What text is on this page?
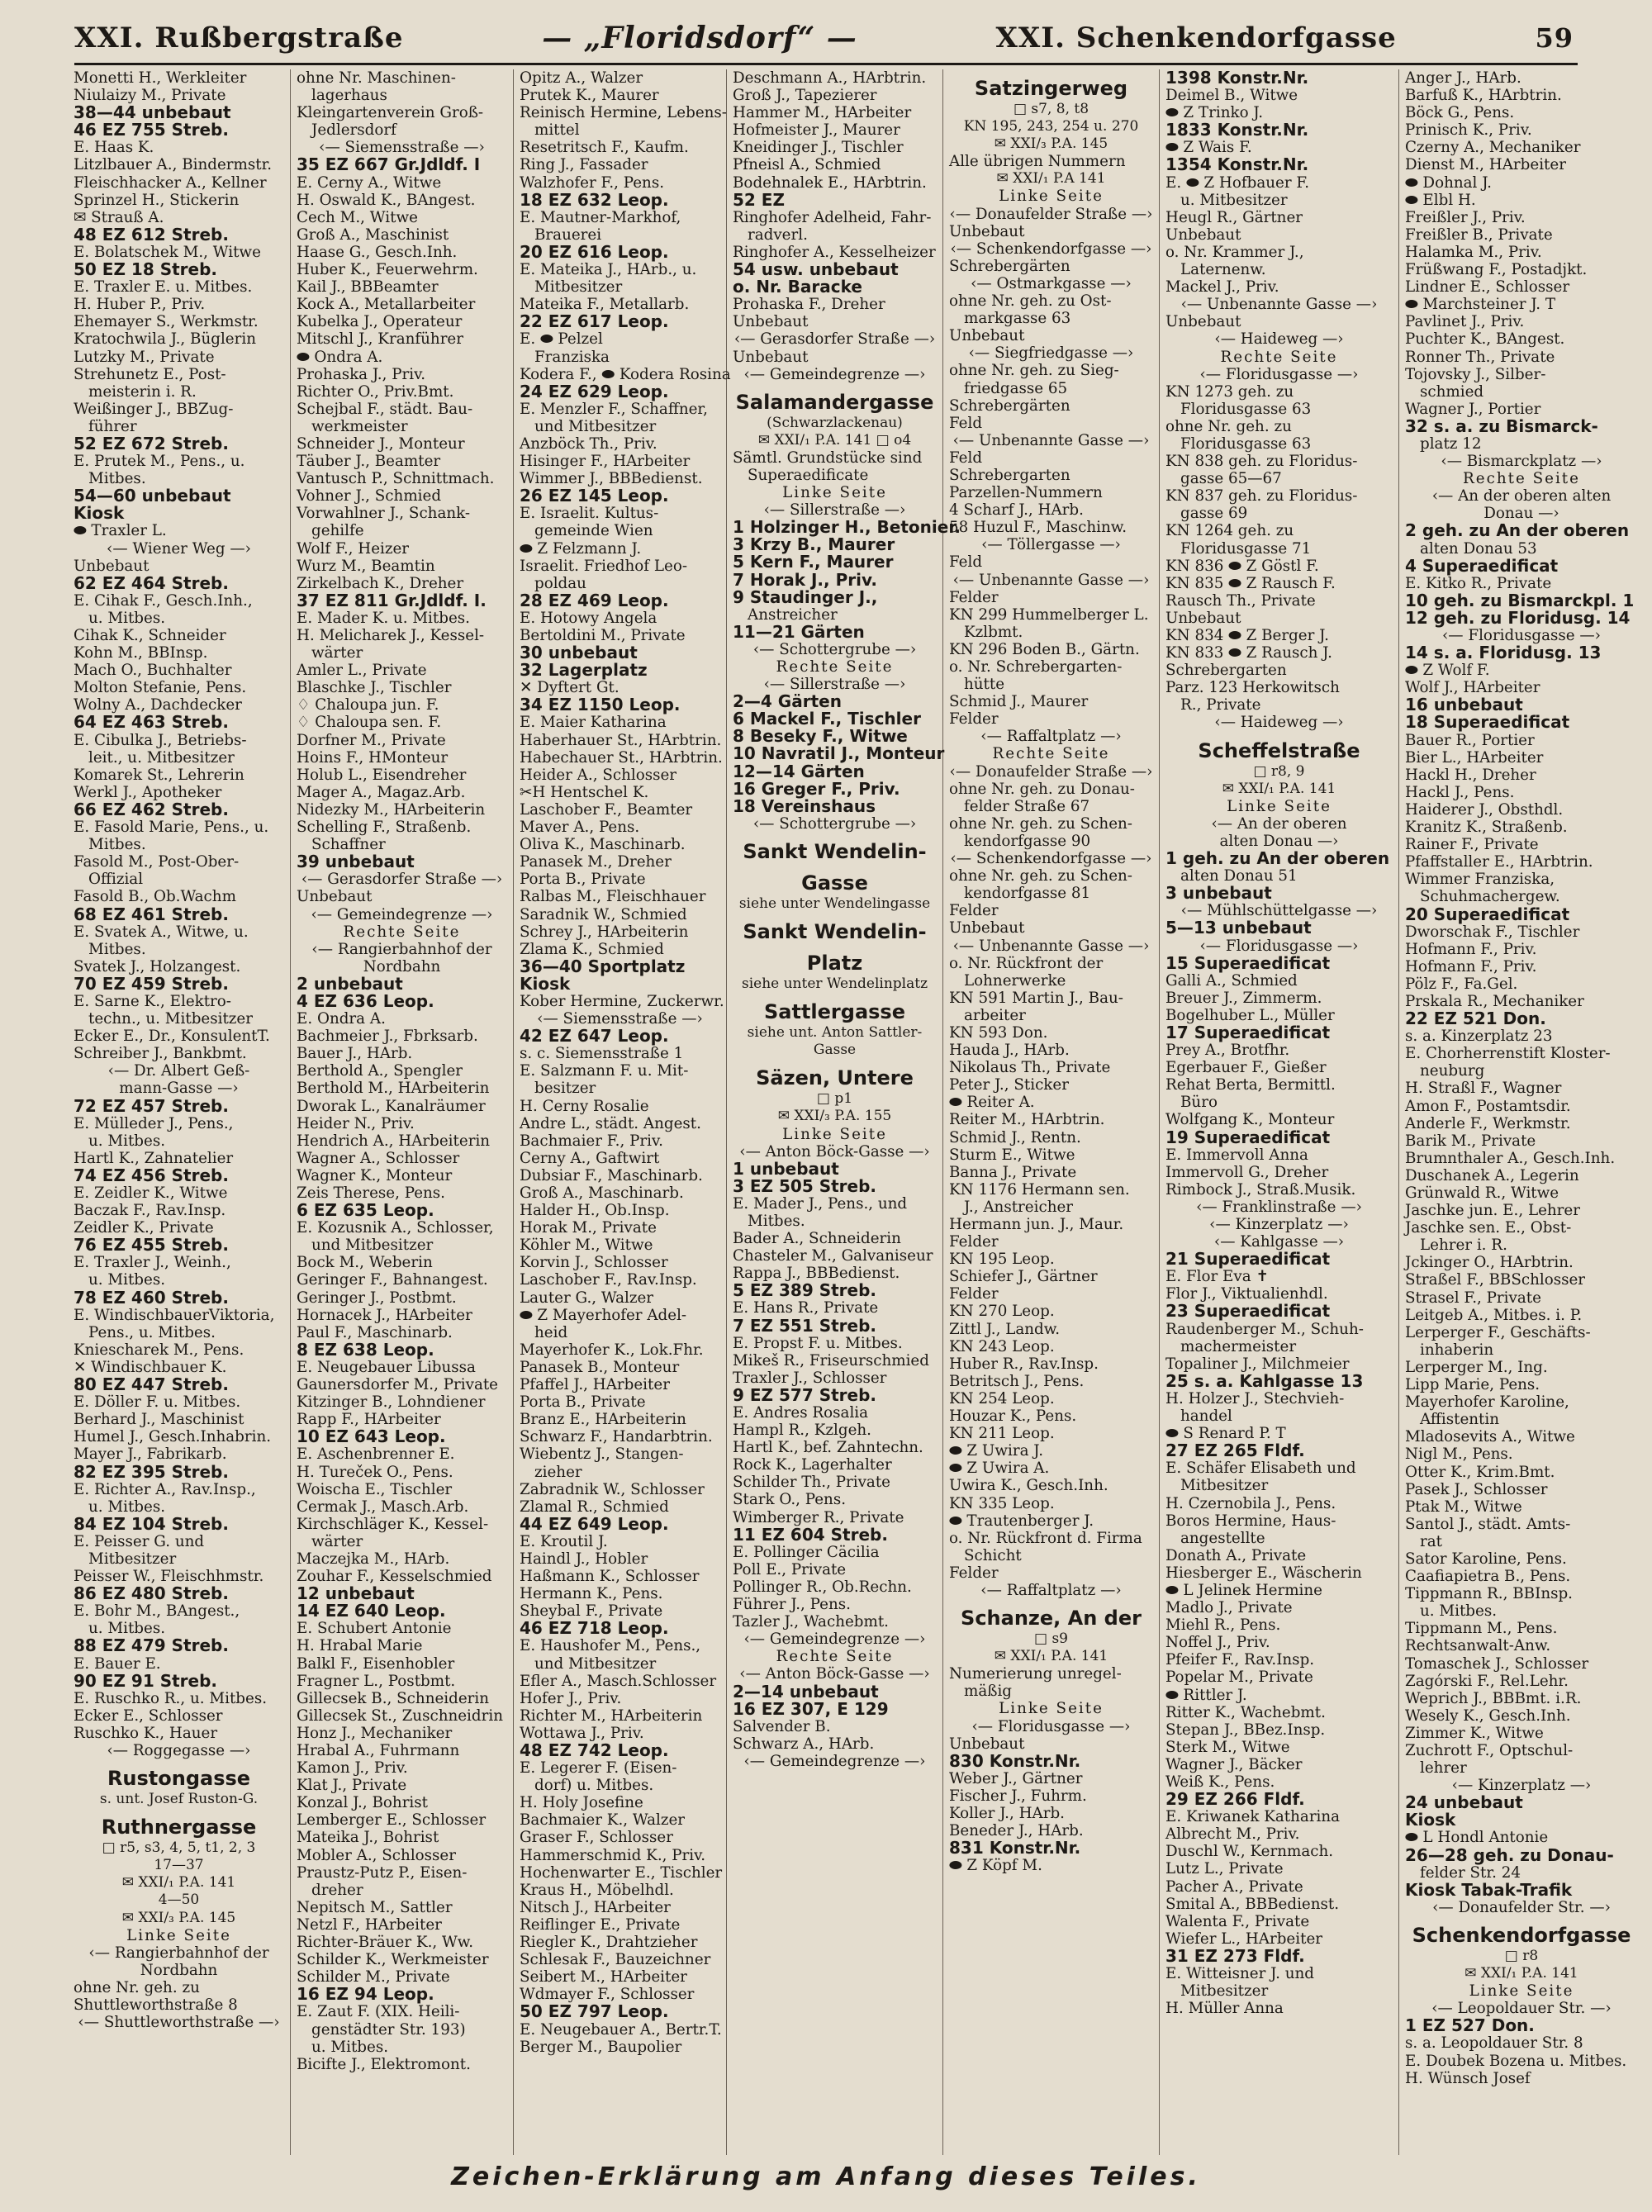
XXI. Rußbergstraße	— „Floridsdorf“ —	XXI. Schenkendorfgasse	59
Monetti H., Werkleiter
Niulaizy M., Private
38—44 unbebaut
46 EZ 755 Streb.
E. Haas K.
Litzlbauer A., Bindermstr.
Fleischhacker A., Kellner
Sprinzel H., Stickerin
✉ Strauß A.
48 EZ 612 Streb.
E. Bolatschek M., Witwe
50 EZ 18 Streb.
E. Traxler E. u. Mitbes.
H. Huber P., Priv.
Ehemayer S., Werkmstr.
Kratochwila J., Büglerin
Lutzky M., Private
Strehunetz E., Post-
meisterin i. R.
Weißinger J., BBZug-
führer
52 EZ 672 Streb.
E. Prutek M., Pens., u.
Mitbes.
54—60 unbebaut
Kiosk
⬬ Traxler L.
‹— Wiener Weg —›
Unbebaut
62 EZ 464 Streb.
E. Cihak F., Gesch.Inh.,
u. Mitbes.
Cihak K., Schneider
Kohn M., BBInsp.
Mach O., Buchhalter
Molton Stefanie, Pens.
Wolny A., Dachdecker
64 EZ 463 Streb.
E. Cibulka J., Betriebs-
leit., u. Mitbesitzer
Komarek St., Lehrerin
Werkl J., Apotheker
66 EZ 462 Streb.
E. Fasold Marie, Pens., u.
Mitbes.
Fasold M., Post-Ober-
Offizial
Fasold B., Ob.Wachm
68 EZ 461 Streb.
E. Svatek A., Witwe, u.
Mitbes.
Svatek J., Holzangest.
70 EZ 459 Streb.
E. Sarne K., Elektro-
techn., u. Mitbesitzer
Ecker E., Dr., KonsulentT.
Schreiber J., Bankbmt.
‹— Dr. Albert Geß-
mann-Gasse —›
72 EZ 457 Streb.
E. Mülleder J., Pens.,
u. Mitbes.
Hartl K., Zahnatelier
74 EZ 456 Streb.
E. Zeidler K., Witwe
Baczak F., Rav.Insp.
Zeidler K., Private
76 EZ 455 Streb.
E. Traxler J., Weinh.,
u. Mitbes.
78 EZ 460 Streb.
E. WindischbauerViktoria,
Pens., u. Mitbes.
Kniescharek M., Pens.
✕ Windischbauer K.
80 EZ 447 Streb.
E. Döller F. u. Mitbes.
Berhard J., Maschinist
Humel J., Gesch.Inhabrin.
Mayer J., Fabrikarb.
82 EZ 395 Streb.
E. Richter A., Rav.Insp.,
u. Mitbes.
84 EZ 104 Streb.
E. Peisser G. und
Mitbesitzer
Peisser W., Fleischhmstr.
86 EZ 480 Streb.
E. Bohr M., BAngest.,
u. Mitbes.
88 EZ 479 Streb.
E. Bauer E.
90 EZ 91 Streb.
E. Ruschko R., u. Mitbes.
Ecker E., Schlosser
Ruschko K., Hauer
‹— Roggegasse —›
Rustongasse
s. unt. Josef Ruston-G.
Ruthnergasse
□ r5, s3, 4, 5, t1, 2, 3
17—37
✉ XXI/₁ P.A. 141
4—50
✉ XXI/₃ P.A. 145
Linke Seite
‹— Rangierbahnhof der
Nordbahn
ohne Nr. geh. zu
Shuttleworthstraße 8
‹— Shuttleworthstraße —›
ohne Nr. Maschinen-
lagerhaus
Kleingartenverein Groß-
Jedlersdorf
‹— Siemensstraße —›
35 EZ 667 Gr.Jdldf. I
E. Cerny A., Witwe
H. Oswald K., BAngest.
Cech M., Witwe
Groß A., Maschinist
Haase G., Gesch.Inh.
Huber K., Feuerwehrm.
Kail J., BBBeamter
Kock A., Metallarbeiter
Kubelka J., Operateur
Mitschl J., Kranführer
⬬ Ondra A.
Prohaska J., Priv.
Richter O., Priv.Bmt.
Schejbal F., städt. Bau-
werkmeister
Schneider J., Monteur
Täuber J., Beamter
Vantusch P., Schnittmach.
Vohner J., Schmied
Vorwahlner J., Schank-
gehilfe
Wolf F., Heizer
Wurz M., Beamtin
Zirkelbach K., Dreher
37 EZ 811 Gr.Jdldf. I.
E. Mader K. u. Mitbes.
H. Melicharek J., Kessel-
wärter
Amler L., Private
Blaschke J., Tischler
♢ Chaloupa jun. F.
♢ Chaloupa sen. F.
Dorfner M., Private
Hoins F., HMonteur
Holub L., Eisendreher
Mager A., Magaz.Arb.
Nidezky M., HArbeiterin
Schelling F., Straßenb.
Schaffner
39 unbebaut
‹— Gerasdorfer Straße —›
Unbebaut
‹— Gemeindegrenze —›
Rechte Seite
‹— Rangierbahnhof der
Nordbahn
2 unbebaut
4 EZ 636 Leop.
E. Ondra A.
Bachmeier J., Fbrksarb.
Bauer J., HArb.
Berthold A., Spengler
Berthold M., HArbeiterin
Dworak L., Kanalräumer
Heider N., Priv.
Hendrich A., HArbeiterin
Wagner A., Schlosser
Wagner K., Monteur
Zeis Therese, Pens.
6 EZ 635 Leop.
E. Kozusnik A., Schlosser,
und Mitbesitzer
Bock M., Weberin
Geringer F., Bahnangest.
Geringer J., Postbmt.
Hornacek J., HArbeiter
Paul F., Maschinarb.
8 EZ 638 Leop.
E. Neugebauer Libussa
Gaunersdorfer M., Private
Kitzinger B., Lohndiener
Rapp F., HArbeiter
10 EZ 643 Leop.
E. Aschenbrenner E.
H. Tureček O., Pens.
Woischa E., Tischler
Cermak J., Masch.Arb.
Kirchschläger K., Kessel-
wärter
Maczejka M., HArb.
Zouhar F., Kesselschmied
12 unbebaut
14 EZ 640 Leop.
E. Schubert Antonie
H. Hrabal Marie
Balkl F., Eisenhobler
Fragner L., Postbmt.
Gillecsek B., Schneiderin
Gillecsek St., Zuschneidrin
Honz J., Mechaniker
Hrabal A., Fuhrmann
Kamon J., Priv.
Klat J., Private
Konzal J., Bohrist
Lemberger E., Schlosser
Mateika J., Bohrist
Mobler A., Schlosser
Praustz-Putz P., Eisen-
dreher
Nepitsch M., Sattler
Netzl F., HArbeiter
Richter-Bräuer K., Ww.
Schilder K., Werkmeister
Schilder M., Private
16 EZ 94 Leop.
E. Zaut F. (XIX. Heili-
genstädter Str. 193)
u. Mitbes.
Bicifte J., Elektromont.
Opitz A., Walzer
Prutek K., Maurer
Reinisch Hermine, Lebens-
mittel
Resetritsch F., Kaufm.
Ring J., Fassader
Walzhofer F., Pens.
18 EZ 632 Leop.
E. Mautner-Markhof,
Brauerei
20 EZ 616 Leop.
E. Mateika J., HArb., u.
Mitbesitzer
Mateika F., Metallarb.
22 EZ 617 Leop.
E. ⬬ Pelzel
Franziska
Kodera F., ⬬ Kodera Rosina
24 EZ 629 Leop.
E. Menzler F., Schaffner,
und Mitbesitzer
Anzböck Th., Priv.
Hisinger F., HArbeiter
Wimmer J., BBBedienst.
26 EZ 145 Leop.
E. Israelit. Kultus-
gemeinde Wien
⬬ Z Felzmann J.
Israelit. Friedhof Leo-
poldau
28 EZ 469 Leop.
E. Hotowy Angela
Bertoldini M., Private
30 unbebaut
32 Lagerplatz
✕ Dyftert Gt.
34 EZ 1150 Leop.
E. Maier Katharina
Haberhauer St., HArbtrin.
Habechauer St., HArbtrin.
Heider A., Schlosser
✂H Hentschel K.
Laschober F., Beamter
Maver A., Pens.
Oliva K., Maschinarb.
Panasek M., Dreher
Porta B., Private
Ralbas M., Fleischhauer
Saradnik W., Schmied
Schrey J., HArbeiterin
Zlama K., Schmied
36—40 Sportplatz
Kiosk
Kober Hermine, Zuckerwr.
‹— Siemensstraße —›
42 EZ 647 Leop.
s. c. Siemensstraße 1
E. Salzmann F. u. Mit-
besitzer
H. Cerny Rosalie
Andre L., städt. Angest.
Bachmaier F., Priv.
Cerny A., Gaftwirt
Dubsiar F., Maschinarb.
Groß A., Maschinarb.
Halder H., Ob.Insp.
Horak M., Private
Köhler M., Witwe
Korvin J., Schlosser
Laschober F., Rav.Insp.
Lauter G., Walzer
⬬ Z Mayerhofer Adel-
heid
Mayerhofer K., Lok.Fhr.
Panasek B., Monteur
Pfaffel J., HArbeiter
Porta B., Private
Branz E., HArbeiterin
Schwarz F., Handarbtrin.
Wiebentz J., Stangen-
zieher
Zabradnik W., Schlosser
Zlamal R., Schmied
44 EZ 649 Leop.
E. Kroutil J.
Haindl J., Hobler
Haßmann K., Schlosser
Hermann K., Pens.
Sheybal F., Private
46 EZ 718 Leop.
E. Haushofer M., Pens.,
und Mitbesitzer
Efler A., Masch.Schlosser
Hofer J., Priv.
Richter M., HArbeiterin
Wottawa J., Priv.
48 EZ 742 Leop.
E. Legerer F. (Eisen-
dorf) u. Mitbes.
H. Holy Josefine
Bachmaier K., Walzer
Graser F., Schlosser
Hammerschmid K., Priv.
Hochenwarter E., Tischler
Kraus H., Möbelhdl.
Nitsch J., HArbeiter
Reiflinger E., Private
Riegler K., Drahtzieher
Schlesak F., Bauzeichner
Seibert M., HArbeiter
Wdmayer F., Schlosser
50 EZ 797 Leop.
E. Neugebauer A., Bertr.T.
Berger M., Baupolier
Deschmann A., HArbtrin.
Groß J., Tapezierer
Hammer M., HArbeiter
Hofmeister J., Maurer
Kneidinger J., Tischler
Pfneisl A., Schmied
Bodehnalek E., HArbtrin.
52 EZ
Ringhofer Adelheid, Fahr-
radverl.
Ringhofer A., Kesselheizer
54 usw. unbebaut
o. Nr. Baracke
Prohaska F., Dreher
Unbebaut
‹— Gerasdorfer Straße —›
Unbebaut
‹— Gemeindegrenze —›
Salamandergasse
(Schwarzlackenau)
✉ XXI/₁ P.A. 141 □ o4
Sämtl. Grundstücke sind
Superaedificate
Linke Seite
‹— Sillerstraße —›
1 Holzinger H., Betonier.
3 Krzy B., Maurer
5 Kern F., Maurer
7 Horak J., Priv.
9 Staudinger J.,
Anstreicher
11—21 Gärten
‹— Schottergrube —›
Rechte Seite
‹— Sillerstraße —›
2—4 Gärten
6 Mackel F., Tischler
8 Beseky F., Witwe
10 Navratil J., Monteur
12—14 Gärten
16 Greger F., Priv.
18 Vereinshaus
‹— Schottergrube —›
Sankt Wendelin-
Gasse
siehe unter Wendelingasse
Sankt Wendelin-
Platz
siehe unter Wendelinplatz
Sattlergasse
siehe unt. Anton Sattler-
Gasse
Säzen, Untere
□ p1
✉ XXI/₃ P.A. 155
Linke Seite
‹— Anton Böck-Gasse —›
1 unbebaut
3 EZ 505 Streb.
E. Mader J., Pens., und
Mitbes.
Bader A., Schneiderin
Chasteler M., Galvaniseur
Rappa J., BBBedienst.
5 EZ 389 Streb.
E. Hans R., Private
7 EZ 551 Streb.
E. Propst F. u. Mitbes.
Mikeš R., Friseurschmied
Traxler J., Schlosser
9 EZ 577 Streb.
E. Andres Rosalia
Hampl R., Kzlgeh.
Hartl K., bef. Zahntechn.
Rock K., Lagerhalter
Schilder Th., Private
Stark O., Pens.
Wimberger R., Private
11 EZ 604 Streb.
E. Pollinger Cäcilia
Poll E., Private
Pollinger R., Ob.Rechn.
Führer J., Pens.
Tazler J., Wachebmt.
‹— Gemeindegrenze —›
Rechte Seite
‹— Anton Böck-Gasse —›
2—14 unbebaut
16 EZ 307, E 129
Salvender B.
Schwarz A., HArb.
‹— Gemeindegrenze —›
Satzingerweg
□ s7, 8, t8
KN 195, 243, 254 u. 270
✉ XXI/₃ P.A. 145
Alle übrigen Nummern
✉ XXI/₁ P.A 141
Linke Seite
‹— Donaufelder Straße —›
Unbebaut
‹— Schenkendorfgasse —›
Schrebergärten
‹— Ostmarkgasse —›
ohne Nr. geh. zu Ost-
markgasse 63
Unbebaut
‹— Siegfriedgasse —›
ohne Nr. geh. zu Sieg-
friedgasse 65
Schrebergärten
Feld
‹— Unbenannte Gasse —›
Feld
Schrebergarten
Parzellen-Nummern
4 Scharf J., HArb.
58 Huzul F., Maschinw.
‹— Töllergasse —›
Feld
‹— Unbenannte Gasse —›
Felder
KN 299 Hummelberger L.
Kzlbmt.
KN 296 Boden B., Gärtn.
o. Nr. Schrebergarten-
hütte
Schmid J., Maurer
Felder
‹— Raffaltplatz —›
Rechte Seite
‹— Donaufelder Straße —›
ohne Nr. geh. zu Donau-
felder Straße 67
ohne Nr. geh. zu Schen-
kendorfgasse 90
‹— Schenkendorfgasse —›
ohne Nr. geh. zu Schen-
kendorfgasse 81
Felder
Unbebaut
‹— Unbenannte Gasse —›
o. Nr. Rückfront der
Lohnerwerke
KN 591 Martin J., Bau-
arbeiter
KN 593 Don.
Hauda J., HArb.
Nikolaus Th., Private
Peter J., Sticker
⬬ Reiter A.
Reiter M., HArbtrin.
Schmid J., Rentn.
Sturm E., Witwe
Banna J., Private
KN 1176 Hermann sen.
J., Anstreicher
Hermann jun. J., Maur.
Felder
KN 195 Leop.
Schiefer J., Gärtner
Felder
KN 270 Leop.
Zittl J., Landw.
KN 243 Leop.
Huber R., Rav.Insp.
Betritsch J., Pens.
KN 254 Leop.
Houzar K., Pens.
KN 211 Leop.
⬬ Z Uwira J.
⬬ Z Uwira A.
Uwira K., Gesch.Inh.
KN 335 Leop.
⬬ Trautenberger J.
o. Nr. Rückfront d. Firma
Schicht
Felder
‹— Raffaltplatz —›
Schanze, An der
□ s9
✉ XXI/₁ P.A. 141
Numerierung unregel-
mäßig
Linke Seite
‹— Floridusgasse —›
Unbebaut
830 Konstr.Nr.
Weber J., Gärtner
Fischer J., Fuhrm.
Koller J., HArb.
Beneder J., HArb.
831 Konstr.Nr.
⬬ Z Köpf M.
1398 Konstr.Nr.
Deimel B., Witwe
⬬ Z Trinko J.
1833 Konstr.Nr.
⬬ Z Wais F.
1354 Konstr.Nr.
E. ⬬ Z Hofbauer F.
u. Mitbesitzer
Heugl R., Gärtner
Unbebaut
o. Nr. Krammer J.,
Laternenw.
Mackel J., Priv.
‹— Unbenannte Gasse —›
Unbebaut
‹— Haideweg —›
Rechte Seite
‹— Floridusgasse —›
KN 1273 geh. zu
Floridusgasse 63
ohne Nr. geh. zu
Floridusgasse 63
KN 838 geh. zu Floridus-
gasse 65—67
KN 837 geh. zu Floridus-
gasse 69
KN 1264 geh. zu
Floridusgasse 71
KN 836 ⬬ Z Göstl F.
KN 835 ⬬ Z Rausch F.
Rausch Th., Private
Unbebaut
KN 834 ⬬ Z Berger J.
KN 833 ⬬ Z Rausch J.
Schrebergarten
Parz. 123 Herkowitsch
R., Private
‹— Haideweg —›
Scheffelstraße
□ r8, 9
✉ XXI/₁ P.A. 141
Linke Seite
‹— An der oberen
alten Donau —›
1 geh. zu An der oberen
alten Donau 51
3 unbebaut
‹— Mühlschüttelgasse —›
5—13 unbebaut
‹— Floridusgasse —›
15 Superaedificat
Galli A., Schmied
Breuer J., Zimmerm.
Bogelhuber L., Müller
17 Superaedificat
Prey A., Brotfhr.
Egerbauer F., Gießer
Rehat Berta, Bermittl.
Büro
Wolfgang K., Monteur
19 Superaedificat
E. Immervoll Anna
Immervoll G., Dreher
Rimbock J., Straß.Musik.
‹— Franklinstraße —›
‹— Kinzerplatz —›
‹— Kahlgasse —›
21 Superaedificat
E. Flor Eva ✝
Flor J., Viktualienhdl.
23 Superaedificat
Raudenberger M., Schuh-
machermeister
Topaliner J., Milchmeier
25 s. a. Kahlgasse 13
H. Holzer J., Stechvieh-
handel
⬬ S Renard P. T
27 EZ 265 Fldf.
E. Schäfer Elisabeth und
Mitbesitzer
H. Czernobila J., Pens.
Boros Hermine, Haus-
angestellte
Donath A., Private
Hiesberger E., Wäscherin
⬬ L Jelinek Hermine
Madlo J., Private
Miehl R., Pens.
Noffel J., Priv.
Pfeifer F., Rav.Insp.
Popelar M., Private
⬬ Rittler J.
Ritter K., Wachebmt.
Stepan J., BBez.Insp.
Sterk M., Witwe
Wagner J., Bäcker
Weiß K., Pens.
29 EZ 266 Fldf.
E. Kriwanek Katharina
Albrecht M., Priv.
Duschl W., Kernmach.
Lutz L., Private
Pacher A., Private
Smital A., BBBedienst.
Walenta F., Private
Wiefer L., HArbeiter
31 EZ 273 Fldf.
E. Witteisner J. und
Mitbesitzer
H. Müller Anna
Anger J., HArb.
Barfuß K., HArbtrin.
Böck G., Pens.
Prinisch K., Priv.
Czerny A., Mechaniker
Dienst M., HArbeiter
⬬ Dohnal J.
⬬ Elbl H.
Freißler J., Priv.
Freißler B., Private
Halamka M., Priv.
Früßwang F., Postadjkt.
Lindner E., Schlosser
⬬ Marchsteiner J. T
Pavlinet J., Priv.
Puchter K., BAngest.
Ronner Th., Private
Tojovsky J., Silber-
schmied
Wagner J., Portier
32 s. a. zu Bismarck-
platz 12
‹— Bismarckplatz —›
Rechte Seite
‹— An der oberen alten
Donau —›
2 geh. zu An der oberen
alten Donau 53
4 Superaedificat
E. Kitko R., Private
10 geh. zu Bismarckpl. 1
12 geh. zu Floridusg. 14
‹— Floridusgasse —›
14 s. a. Floridusg. 13
⬬ Z Wolf F.
Wolf J., HArbeiter
16 unbebaut
18 Superaedificat
Bauer R., Portier
Bier L., HArbeiter
Hackl H., Dreher
Hackl J., Pens.
Haiderer J., Obsthdl.
Kranitz K., Straßenb.
Rainer F., Private
Pfaffstaller E., HArbtrin.
Wimmer Franziska,
Schuhmachergew.
20 Superaedificat
Dworschak F., Tischler
Hofmann F., Priv.
Hofmann F., Priv.
Pölz F., Fa.Gel.
Prskala R., Mechaniker
22 EZ 521 Don.
s. a. Kinzerplatz 23
E. Chorherrenstift Kloster-
neuburg
H. Straßl F., Wagner
Amon F., Postamtsdir.
Anderle F., Werkmstr.
Barik M., Private
Brumnthaler A., Gesch.Inh.
Duschanek A., Legerin
Grünwald R., Witwe
Jaschke jun. E., Lehrer
Jaschke sen. E., Obst-
Lehrer i. R.
Jckinger O., HArbtrin.
Straßel F., BBSchlosser
Strasel F., Private
Leitgeb A., Mitbes. i. P.
Lerperger F., Geschäfts-
inhaberin
Lerperger M., Ing.
Lipp Marie, Pens.
Mayerhofer Karoline,
Affistentin
Mladosevits A., Witwe
Nigl M., Pens.
Otter K., Krim.Bmt.
Pasek J., Schlosser
Ptak M., Witwe
Santol J., städt. Amts-
rat
Sator Karoline, Pens.
Caafiapietra B., Pens.
Tippmann R., BBInsp.
u. Mitbes.
Tippmann M., Pens.
Rechtsanwalt-Anw.
Tomaschek J., Schlosser
Zagórski F., Rel.Lehr.
Weprich J., BBBmt. i.R.
Wesely K., Gesch.Inh.
Zimmer K., Witwe
Zuchrott F., Optschul-
lehrer
‹— Kinzerplatz —›
24 unbebaut
Kiosk
⬬ L Hondl Antonie
26—28 geh. zu Donau-
felder Str. 24
Kiosk Tabak-Trafik
‹— Donaufelder Str. —›
Schenkendorfgasse
□ r8
✉ XXI/₁ P.A. 141
Linke Seite
‹— Leopoldauer Str. —›
1 EZ 527 Don.
s. a. Leopoldauer Str. 8
E. Doubek Bozena u. Mitbes.
H. Wünsch Josef
Zeichen-Erklärung am Anfang dieses Teiles.
